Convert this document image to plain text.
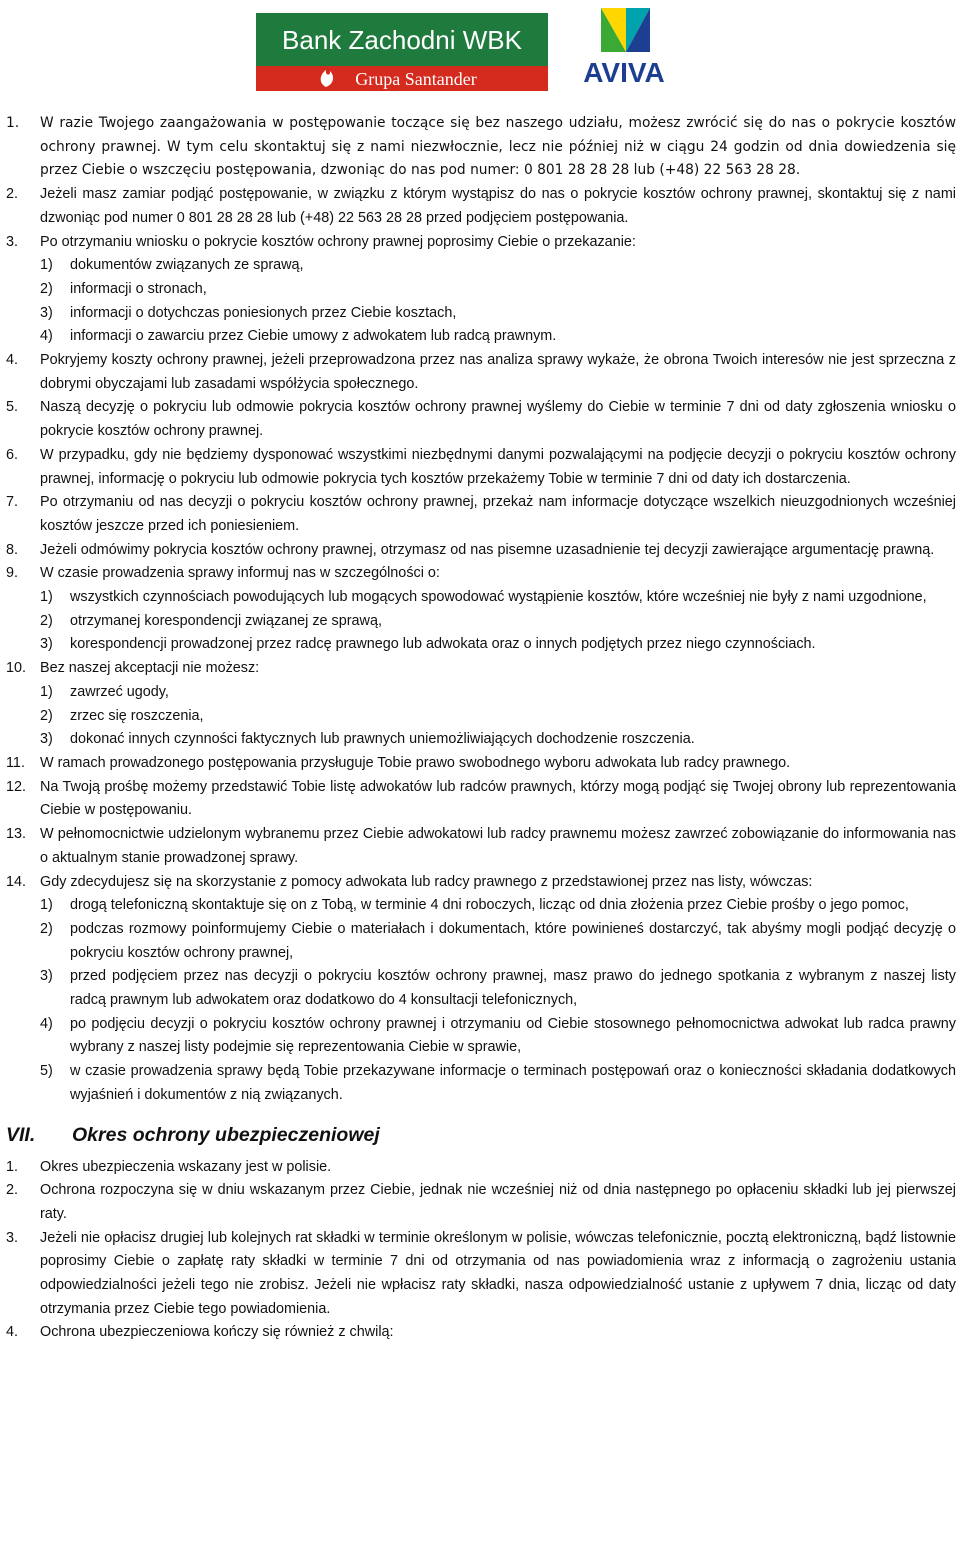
Bank Zachodni WBK
Grupa Santander	AVIVA

1. W razie Twojego zaangażowania w postępowanie toczące się bez naszego udziału, możesz zwrócić się do nas o pokrycie kosztów ochrony prawnej. W tym celu skontaktuj się z nami niezwłocznie, lecz nie później niż w ciągu 24 godzin od dnia dowiedzenia się przez Ciebie o wszczęciu postępowania, dzwoniąc do nas pod numer: 0 801 28 28 28 lub (+48) 22 563 28 28.

2. Jeżeli masz zamiar podjąć postępowanie, w związku z którym wystąpisz do nas o pokrycie kosztów ochrony prawnej, skontaktuj się z nami dzwoniąc pod numer 0 801 28 28 28 lub (+48) 22 563 28 28 przed podjęciem postępowania.

3. Po otrzymaniu wniosku o pokrycie kosztów ochrony prawnej poprosimy Ciebie o przekazanie:

1) dokumentów związanych ze sprawą,

2) informacji o stronach,

3) informacji o dotychczas poniesionych przez Ciebie kosztach,

4) informacji o zawarciu przez Ciebie umowy z adwokatem lub radcą prawnym.

4. Pokryjemy koszty ochrony prawnej, jeżeli przeprowadzona przez nas analiza sprawy wykaże, że obrona Twoich interesów nie jest sprzeczna z dobrymi obyczajami lub zasadami współżycia społecznego.

5. Naszą decyzję o pokryciu lub odmowie pokrycia kosztów ochrony prawnej wyślemy do Ciebie w terminie 7 dni od daty zgłoszenia wniosku o pokrycie kosztów ochrony prawnej.

6. W przypadku, gdy nie będziemy dysponować wszystkimi niezbędnymi danymi pozwalającymi na podjęcie decyzji o pokryciu kosztów ochrony prawnej, informację o pokryciu lub odmowie pokrycia tych kosztów przekażemy Tobie w terminie 7 dni od daty ich dostarczenia.

7. Po otrzymaniu od nas decyzji o pokryciu kosztów ochrony prawnej, przekaż nam informacje dotyczące wszelkich nieuzgodnionych wcześniej kosztów jeszcze przed ich poniesieniem.

8. Jeżeli odmówimy pokrycia kosztów ochrony prawnej, otrzymasz od nas pisemne uzasadnienie tej decyzji zawierające argumentację prawną.

9. W czasie prowadzenia sprawy informuj nas w szczególności o:

1) wszystkich czynnościach powodujących lub mogących spowodować wystąpienie kosztów, które wcześniej nie były z nami uzgodnione,

2) otrzymanej korespondencji związanej ze sprawą,

3) korespondencji prowadzonej przez radcę prawnego lub adwokata oraz o innych podjętych przez niego czynnościach.

10. Bez naszej akceptacji nie możesz:

1) zawrzeć ugody,

2) zrzec się roszczenia,

3) dokonać innych czynności faktycznych lub prawnych uniemożliwiających dochodzenie roszczenia.

11. W ramach prowadzonego postępowania przysługuje Tobie prawo swobodnego wyboru adwokata lub radcy prawnego.

12. Na Twoją prośbę możemy przedstawić Tobie listę adwokatów lub radców prawnych, którzy mogą podjąć się Twojej obrony lub reprezentowania Ciebie w postępowaniu.

13. W pełnomocnictwie udzielonym wybranemu przez Ciebie adwokatowi lub radcy prawnemu możesz zawrzeć zobowiązanie do informowania nas o aktualnym stanie prowadzonej sprawy.

14. Gdy zdecydujesz się na skorzystanie z pomocy adwokata lub radcy prawnego z przedstawionej przez nas listy, wówczas:

1) drogą telefoniczną skontaktuje się on z Tobą, w terminie 4 dni roboczych, licząc od dnia złożenia przez Ciebie prośby o jego pomoc,

2) podczas rozmowy poinformujemy Ciebie o materiałach i dokumentach, które powinieneś dostarczyć, tak abyśmy mogli podjąć decyzję o pokryciu kosztów ochrony prawnej,

3) przed podjęciem przez nas decyzji o pokryciu kosztów ochrony prawnej, masz prawo do jednego spotkania z wybranym z naszej listy radcą prawnym lub adwokatem oraz dodatkowo do 4 konsultacji telefonicznych,

4) po podjęciu decyzji o pokryciu kosztów ochrony prawnej i otrzymaniu od Ciebie stosownego pełnomocnictwa adwokat lub radca prawny wybrany z naszej listy podejmie się reprezentowania Ciebie w sprawie,

5) w czasie prowadzenia sprawy będą Tobie przekazywane informacje o terminach postępowań oraz o konieczności składania dodatkowych wyjaśnień i dokumentów z nią związanych.

VII. Okres ochrony ubezpieczeniowej

1. Okres ubezpieczenia wskazany jest w polisie.

2. Ochrona rozpoczyna się w dniu wskazanym przez Ciebie, jednak nie wcześniej niż od dnia następnego po opłaceniu składki lub jej pierwszej raty.

3. Jeżeli nie opłacisz drugiej lub kolejnych rat składki w terminie określonym w polisie, wówczas telefonicznie, pocztą elektroniczną, bądź listownie poprosimy Ciebie o zapłatę raty składki w terminie 7 dni od otrzymania od nas powiadomienia wraz z informacją o zagrożeniu ustania odpowiedzialności jeżeli tego nie zrobisz. Jeżeli nie wpłacisz raty składki, nasza odpowiedzialność ustanie z upływem 7 dnia, licząc od daty otrzymania przez Ciebie tego powiadomienia.

4. Ochrona ubezpieczeniowa kończy się również z chwilą:
